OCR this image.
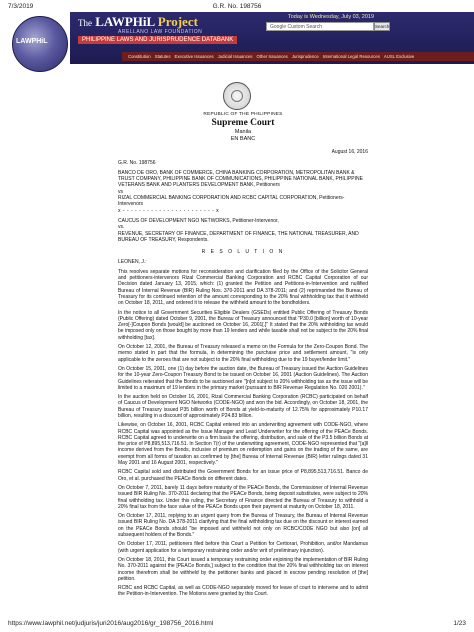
7/3/2019	G.R. No. 198756
LAWPHiL
The LAWPHiL Project
ARELLANO LAW FOUNDATION
PHILIPPINE LAWS AND JURISPRUDENCE DATABANK
Today is Wednesday, July 03, 2019
Google Custom Search	Search
Constitution Statutes Executive Issuances Judicial Issuances Other Issuances Jurisprudence International Legal Resources AUSL Exclusive
REPUBLIC OF THE PHILIPPINES
Supreme Court
Manila
EN BANC
August 16, 2016
G.R. No. 198756
BANCO DE ORO, BANK OF COMMERCE, CHINA BANKING CORPORATION, METROPOLITAN BANK & TRUST COMPANY, PHILIPPINE BANK OF COMMUNICATIONS, PHILIPPINE NATIONAL BANK, PHILIPPINE VETERANS BANK AND PLANTERS DEVELOPMENT BANK, Petitioners
vs
RIZAL COMMERCIAL BANKING CORPORATION AND RCBC CAPITAL CORPORATION, Petitioners-Intervenors
x - - - - - - - - - - - - - - - - - - - - - - - x
CAUCUS OF DEVELOPMENT NGO NETWORKS, Petitioner-Intervenor,
vs.
REVENUE, SECRETARY OF FINANCE, DEPARTMENT OF FINANCE, THE NATIONAL TREASURER, AND BUREAU OF TREASURY, Respondents.
R E S O L U T I O N
LEONEN, J.:

This resolves separate motions for reconsideration and clarification filed by the Office of the Solicitor General and petitioners-intervenors Rizal Commercial Banking Corporation and RCBC Capital Corporation of our Decision dated January 13, 2015, which: (1) granted the Petition and Petitions-in-Intervention and nullified Bureau of Internal Revenue (BIR) Ruling Nos. 370-2011 and DA 378-2011; and (2) reprimanded the Bureau of Treasury for its continued retention of the amount corresponding to the 20% final withholding tax that it withheld on October 18, 2011, and ordered it to release the withheld amount to the bondholders.

In the notice to all Government Securities Eligible Dealers (GSEDs) entitled Public Offering of Treasury Bonds (Public Offering) dated October 9, 2001, the Bureau of Treasury announced that "P30.0 [billion] worth of 10-year Zero[-]Coupon Bonds [would] be auctioned on October 16, 2001[.]" It stated that the 20% withholding tax would be imposed only on those bought by more than 19 lenders and while taxable shall not be subject to the 20% final withholding [tax].

On October 12, 2001, the Bureau of Treasury released a memo on the Formula for the Zero-Coupon Bond. The memo stated in part that the formula, in determining the purchase price and settlement amount, "is only applicable to the zeroes that are not subject to the 20% final withholding due to the 19 buyer/lender limit."

On October 15, 2001, one (1) day before the auction date, the Bureau of Treasury issued the Auction Guidelines for the 10-year Zero-Coupon Treasury Bond to be issued on October 16, 2001 (Auction Guidelines). The Auction Guidelines reiterated that the Bonds to be auctioned are "[n]ot subject to 20% withholding tax as the issue will be limited to a maximum of 19 lenders in the primary market (pursuant to BIR Revenue Regulation No. 020 2001)."

In the auction held on October 16, 2001, Rizal Commercial Banking Corporation (RCBC) participated on behalf of Caucus of Development NGO Networks (CODE-NGO) and won the bid. Accordingly, on October 18, 2001, the Bureau of Treasury issued P35 billion worth of Bonds at yield-to-maturity of 12.75% for approximately P10.17 billion, resulting in a discount of approximately P24.83 billion.

Likewise, on October 16, 2001, RCBC Capital entered into an underwriting agreement with CODE-NGO, where RCBC Capital was appointed as the Issue Manager and Lead Underwriter for the offering of the PEACe Bonds. RCBC Capital agreed to underwrite on a firm basis the offering, distribution, and sale of the P3.5 billion Bonds at the price of P8,895,513,716.51. In Section 7(r) of the underwriting agreement, CODE-NGO represented that "[a]ll income derived from the Bonds, inclusive of premium on redemption and gains on the trading of the same, are exempt from all forms of taxation as confirmed by [the] Bureau of Internal Revenue (BIR) letter rulings dated 31 May 2001 and 16 August 2001, respectively."

RCBC Capital sold and distributed the Government Bonds for an issue price of P8,895,513,716.51. Banco de Oro, et al. purchased the PEACe Bonds on different dates.

On October 7, 2011, barely 11 days before maturity of the PEACe Bonds, the Commissioner of Internal Revenue issued BIR Ruling No. 370-2011 declaring that the PEACe Bonds, being deposit substitutes, were subject to 20% final withholding tax. Under this ruling, the Secretary of Finance directed the Bureau of Treasury to withhold a 20% final tax from the face value of the PEACe Bonds upon their payment at maturity on October 18, 2011.

On October 17, 2011, replying to an urgent query from the Bureau of Treasury, the Bureau of Internal Revenue issued BIR Ruling No. DA 378-2011 clarifying that the final withholding tax due on the discount or interest earned on the PEACe Bonds should "be imposed and withheld not only on RCBC/CODE NGO but also [on] all subsequent holders of the Bonds."

On October 17, 2011, petitioners filed before this Court a Petition for Certiorari, Prohibition, and/or Mandamus (with urgent application for a temporary restraining order and/or writ of preliminary injunction).

On October 18, 2011, this Court issued a temporary restraining order enjoining the implementation of BIR Ruling No. 370-2011 against the [PEACe Bonds,] subject to the condition that the 20% final withholding tax on interest income therefrom shall be withheld by the petitioner banks and placed in escrow pending resolution of [the] petition.

RCBC and RCBC Capital, as well as CODE-NGO separately moved for leave of court to intervene and to admit the Petition-in-Intervention. The Motions were granted by this Court.

https://www.lawphil.net/judjuris/juri2016/aug2016/gr_198756_2016.html	1/23
